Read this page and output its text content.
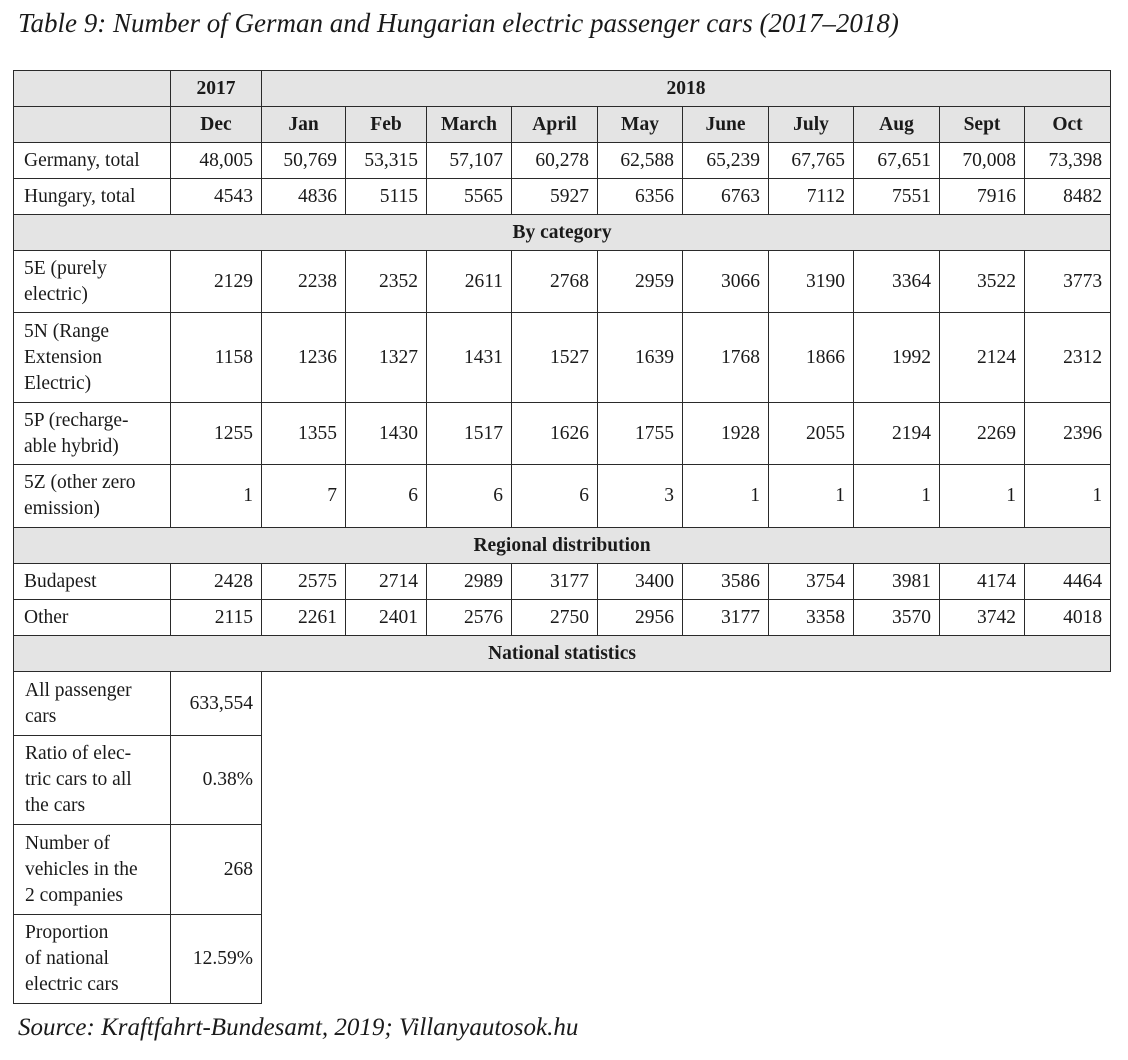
Table 9: Number of German and Hungarian electric passenger cars (2017–2018)
	2017	2018									
	Dec	Jan	Feb	March	April	May	June	July	Aug	Sept	Oct
Germany, total	48,005	50,769	53,315	57,107	60,278	62,588	65,239	67,765	67,651	70,008	73,398
Hungary, total	4543	4836	5115	5565	5927	6356	6763	7112	7551	7916	8482
By category											
5E (purely
electric)	2129	2238	2352	2611	2768	2959	3066	3190	3364	3522	3773
5N (Range
Extension
Electric)	1158	1236	1327	1431	1527	1639	1768	1866	1992	2124	2312
5P (recharge-
able hybrid)	1255	1355	1430	1517	1626	1755	1928	2055	2194	2269	2396
5Z (other zero
emission)	1	7	6	6	6	3	1	1	1	1	1
Regional distribution											
Budapest	2428	2575	2714	2989	3177	3400	3586	3754	3981	4174	4464
Other	2115	2261	2401	2576	2750	2956	3177	3358	3570	3742	4018
National statistics											
All passenger
cars	633,554										
Ratio of elec-
tric cars to all
the cars	0.38%										
Number of
vehicles in the
2 companies	268										
Proportion
of national
electric cars	12.59%										
Source: Kraftfahrt-Bundesamt, 2019; Villanyautosok.hu
